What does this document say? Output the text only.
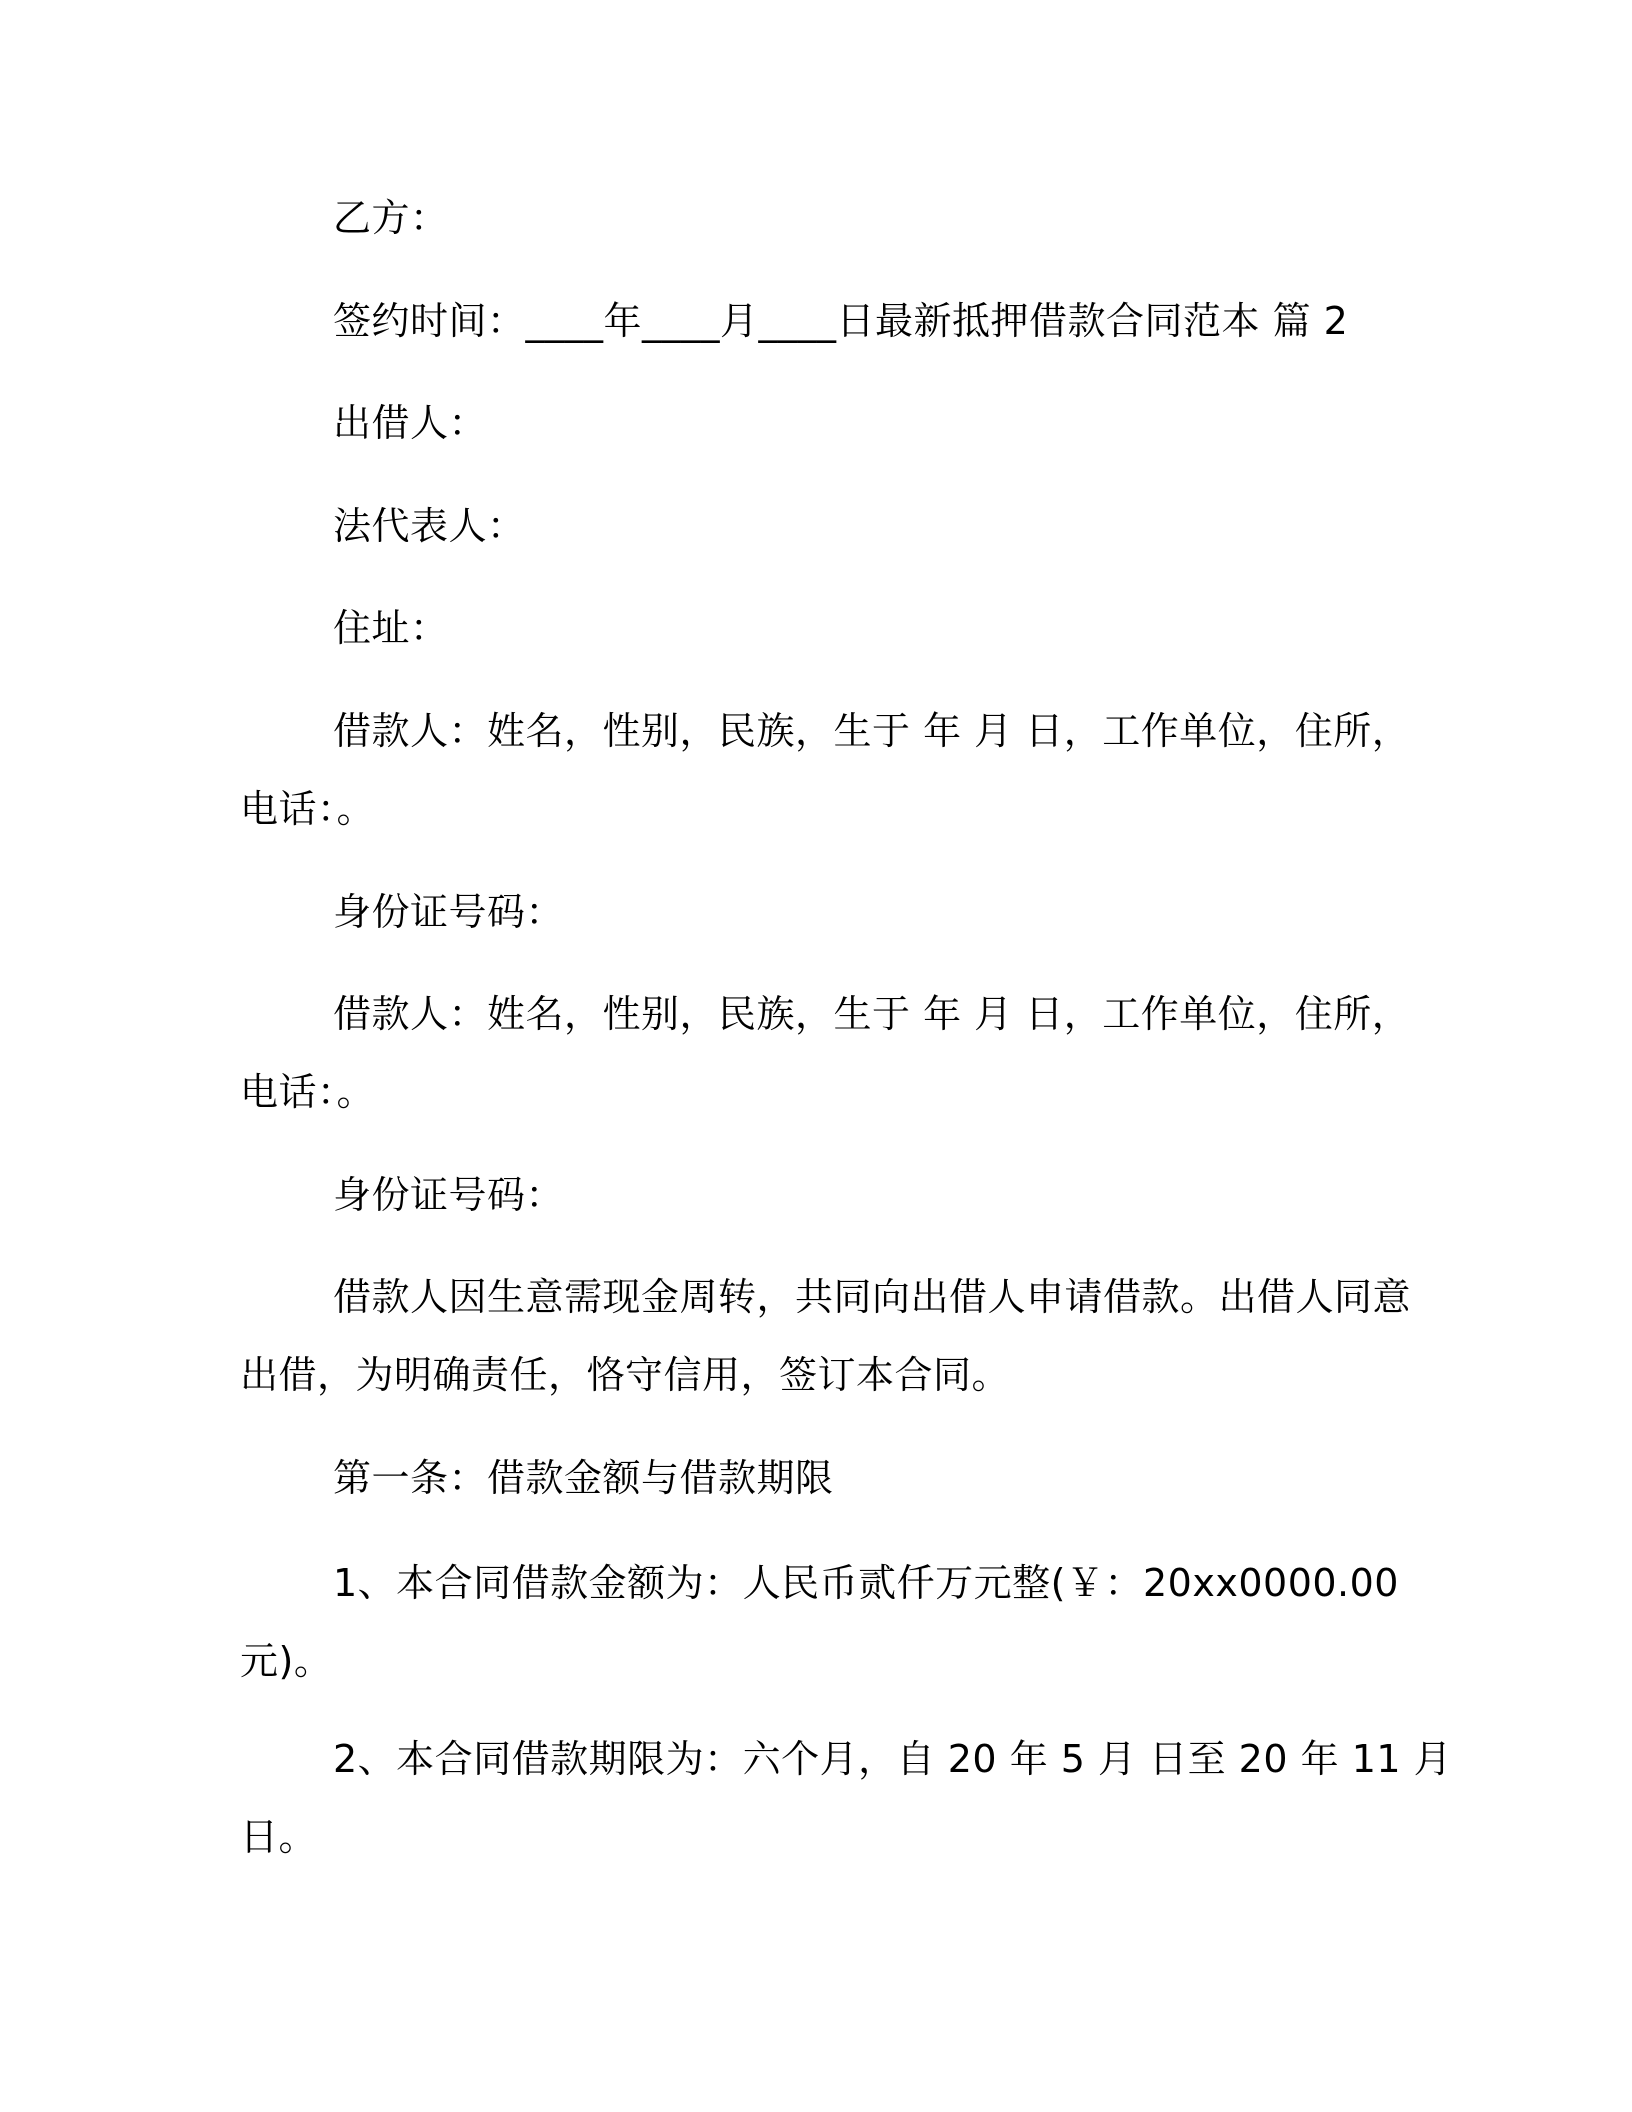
乙方：
签约时间：____年____月____日最新抵押借款合同范本 篇 2
出借人：
法代表人：
住址：
借款人：姓名，性别，民族，生于 年 月 日，工作单位，住所，
电话：。
身份证号码：
借款人：姓名，性别，民族，生于 年 月 日，工作单位，住所，
电话：。
身份证号码：
借款人因生意需现金周转，共同向出借人申请借款。出借人同意
出借，为明确责任，恪守信用，签订本合同。
第一条：借款金额与借款期限
1、本合同借款金额为：人民币贰仟万元整(￥：20xx0000.00
元)。
2、本合同借款期限为：六个月，自 20 年 5 月 日至 20 年 11 月
日。
